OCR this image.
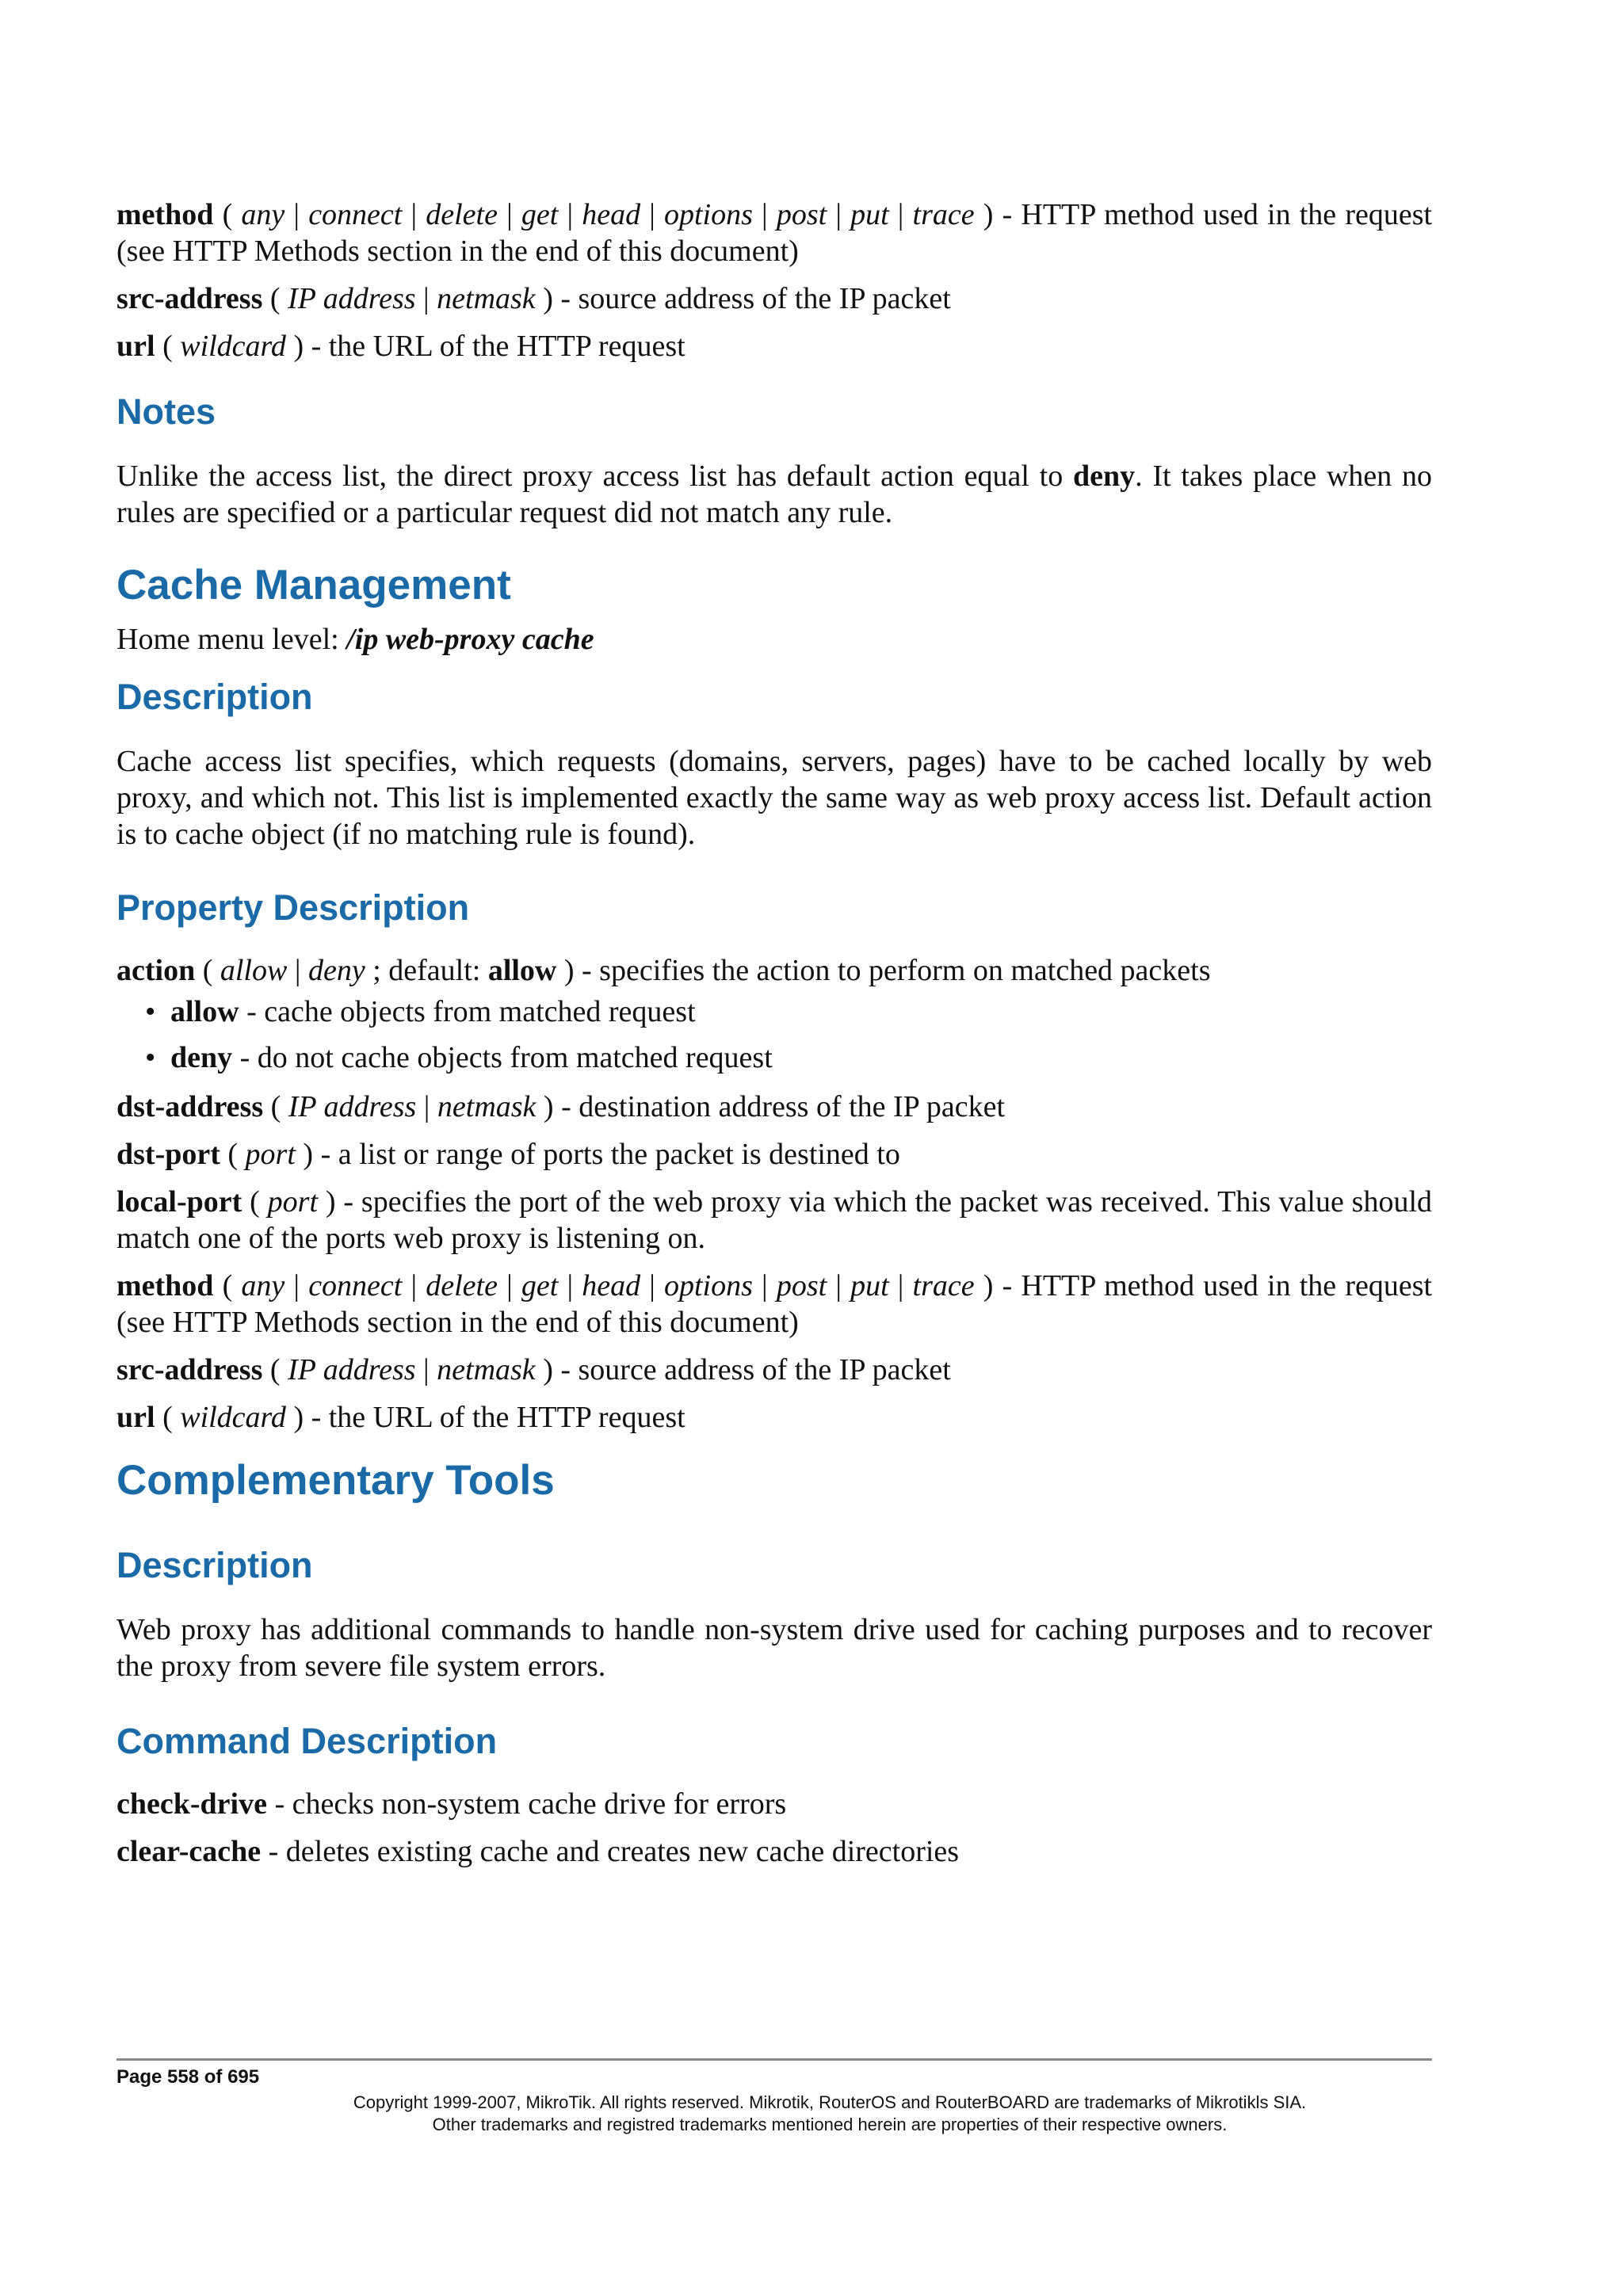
method ( any | connect | delete | get | head | options | post | put | trace ) - HTTP method used in the request (see HTTP Methods section in the end of this document)

src-address ( IP address | netmask ) - source address of the IP packet

url ( wildcard ) - the URL of the HTTP request

Notes

Unlike the access list, the direct proxy access list has default action equal to deny. It takes place when no rules are specified or a particular request did not match any rule.

Cache Management

Home menu level: /ip web-proxy cache

Description

Cache access list specifies, which requests (domains, servers, pages) have to be cached locally by web proxy, and which not. This list is implemented exactly the same way as web proxy access list. Default action is to cache object (if no matching rule is found).

Property Description

action ( allow | deny ; default: allow ) - specifies the action to perform on matched packets

• allow - cache objects from matched request
• deny - do not cache objects from matched request

dst-address ( IP address | netmask ) - destination address of the IP packet

dst-port ( port ) - a list or range of ports the packet is destined to

local-port ( port ) - specifies the port of the web proxy via which the packet was received. This value should match one of the ports web proxy is listening on.

method ( any | connect | delete | get | head | options | post | put | trace ) - HTTP method used in the request (see HTTP Methods section in the end of this document)

src-address ( IP address | netmask ) - source address of the IP packet

url ( wildcard ) - the URL of the HTTP request

Complementary Tools
Description

Web proxy has additional commands to handle non-system drive used for caching purposes and to recover the proxy from severe file system errors.

Command Description

check-drive - checks non-system cache drive for errors

clear-cache - deletes existing cache and creates new cache directories

Page 558 of 695
Copyright 1999-2007, MikroTik. All rights reserved. Mikrotik, RouterOS and RouterBOARD are trademarks of Mikrotikls SIA.
Other trademarks and registred trademarks mentioned herein are properties of their respective owners.
